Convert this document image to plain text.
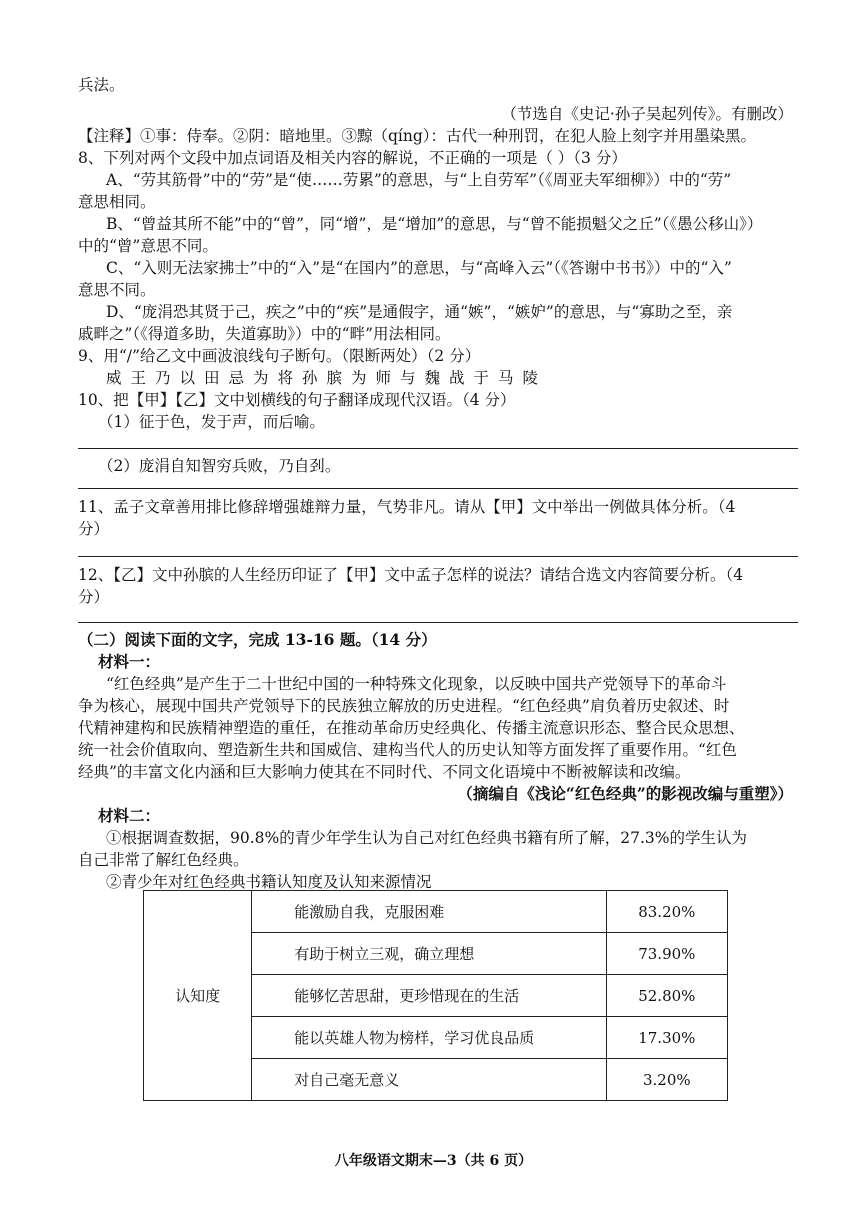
兵法。
（节选自《史记·孙子吴起列传》。有删改）
【注释】①事：侍奉。②阴：暗地里。③黥（qíng）：古代一种刑罚，在犯人脸上刻字并用墨染黑。
8、下列对两个文段中加点词语及相关内容的解说，不正确的一项是（ ）（3 分）
A、“劳其筋骨”中的“劳”是“使……劳累”的意思，与“上自劳军”（《周亚夫军细柳》）中的“劳”
意思相同。
B、“曾益其所不能”中的“曾”，同“增”，是“增加”的意思，与“曾不能损魁父之丘”（《愚公移山》）
中的“曾”意思不同。
C、“入则无法家拂士”中的“入”是“在国内”的意思，与“高峰入云”（《答谢中书书》）中的“入”
意思不同。
D、“庞涓恐其贤于己，疾之”中的“疾”是通假字，通“嫉”，“嫉妒”的意思，与“寡助之至，亲
戚畔之”（《得道多助，失道寡助》）中的“畔”用法相同。
9、用“/”给乙文中画波浪线句子断句。（限断两处）（2 分）
威王乃以田忌为将孙膑为师与魏战于马陵
10、把【甲】【乙】文中划横线的句子翻译成现代汉语。（4 分）
（1）征于色，发于声，而后喻。
（2）庞涓自知智穷兵败，乃自刭。
11、孟子文章善用排比修辞增强雄辩力量，气势非凡。请从【甲】文中举出一例做具体分析。（4
分）
12、【乙】文中孙膑的人生经历印证了【甲】文中孟子怎样的说法？请结合选文内容简要分析。（4
分）
（二）阅读下面的文字，完成 13-16 题。（14 分）
材料一：
“红色经典”是产生于二十世纪中国的一种特殊文化现象，以反映中国共产党领导下的革命斗
争为核心，展现中国共产党领导下的民族独立解放的历史进程。“红色经典”肩负着历史叙述、时
代精神建构和民族精神塑造的重任，在推动革命历史经典化、传播主流意识形态、整合民众思想、
统一社会价值取向、塑造新生共和国威信、建构当代人的历史认知等方面发挥了重要作用。“红色
经典”的丰富文化内涵和巨大影响力使其在不同时代、不同文化语境中不断被解读和改编。
（摘编自《浅论“红色经典”的影视改编与重塑》）
材料二：
①根据调查数据，90.8%的青少年学生认为自己对红色经典书籍有所了解，27.3%的学生认为
自己非常了解红色经典。
②青少年对红色经典书籍认知度及认知来源情况
认知度	能激励自我，克服困难	83.20%
	有助于树立三观，确立理想	73.90%
	能够忆苦思甜，更珍惜现在的生活	52.80%
	能以英雄人物为榜样，学习优良品质	17.30%
	对自己毫无意义	3.20%
八年级语文期末—3（共 6 页）
